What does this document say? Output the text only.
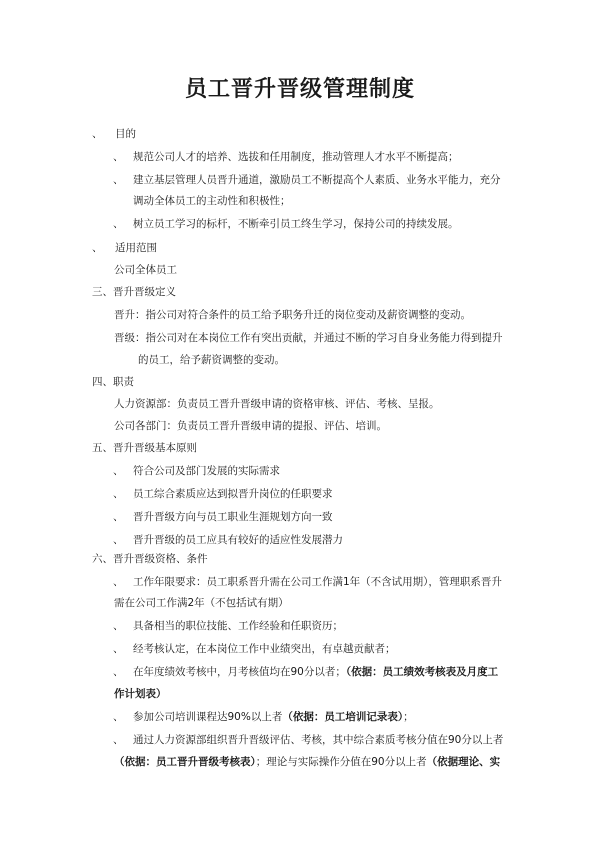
员工晋升晋级管理制度
、 目的
、 规范公司人才的培养、选拔和任用制度，推动管理人才水平不断提高；
、 建立基层管理人员晋升通道，激励员工不断提高个人素质、业务水平能力，充分
调动全体员工的主动性和积极性；
、 树立员工学习的标杆，不断牵引员工终生学习，保持公司的持续发展。
、 适用范围
公司全体员工
三、晋升晋级定义
晋升：指公司对符合条件的员工给予职务升迁的岗位变动及薪资调整的变动。
晋级：指公司对在本岗位工作有突出贡献，并通过不断的学习自身业务能力得到提升
的员工，给予薪资调整的变动。
四、职责
人力资源部：负责员工晋升晋级申请的资格审核、评估、考核、呈报。
公司各部门：负责员工晋升晋级申请的提报、评估、培训。
五、晋升晋级基本原则
、 符合公司及部门发展的实际需求
、 员工综合素质应达到拟晋升岗位的任职要求
、 晋升晋级方向与员工职业生涯规划方向一致
、 晋升晋级的员工应具有较好的适应性发展潜力
六、晋升晋级资格、条件
、 工作年限要求：员工职系晋升需在公司工作满1年（不含试用期），管理职系晋升
需在公司工作满2年（不包括试有期）
、 具备相当的职位技能、工作经验和任职资历；
、 经考核认定，在本岗位工作中业绩突出，有卓越贡献者；
、 在年度绩效考核中，月考核值均在90分以者；（依据：员工绩效考核表及月度工
作计划表）
、 参加公司培训课程达90%以上者（依据：员工培训记录表）；
、 通过人力资源部组织晋升晋级评估、考核，其中综合素质考核分值在90分以上者
（依据：员工晋升晋级考核表）；理论与实际操作分值在90分以上者（依据理论、实
